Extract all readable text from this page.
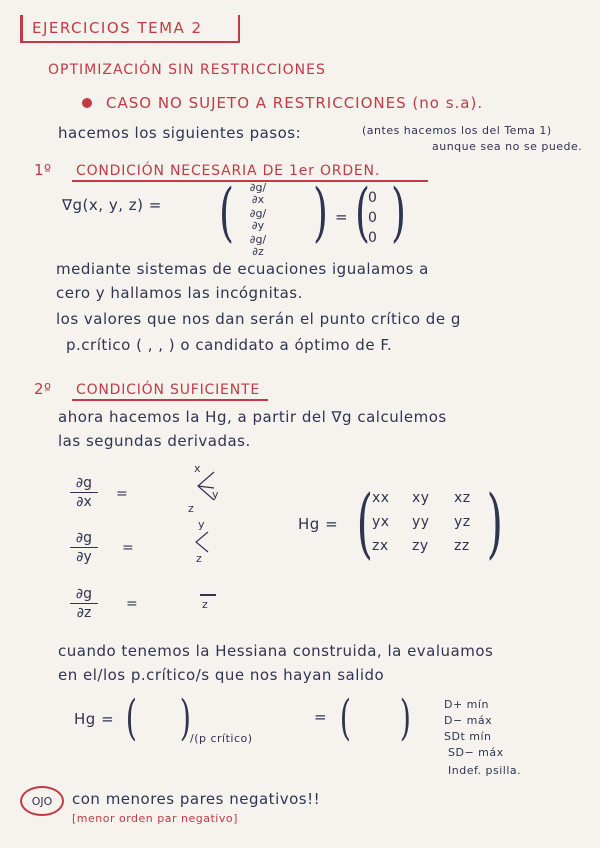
EJERCICIOS TEMA 2
OPTIMIZACIÓN SIN RESTRICCIONES
CASO NO SUJETO A RESTRICCIONES (no s.a).
hacemos los siguientes pasos:	(antes hacemos los del Tema 1)
aunque sea no se puede.
1º CONDICIÓN NECESARIA DE 1er ORDEN.
∇g(x, y, z) = (	∂g/∂x
∂g/∂y
∂g/∂z
) = (
0
0
0 )
mediante sistemas de ecuaciones igualamos a
cero y hallamos las incógnitas.
los valores que nos dan serán el punto crítico de g
p.crítico ( , , ) o candidato a óptimo de F.
2º CONDICIÓN SUFICIENTE
ahora hacemos la Hg, a partir del ∇g calculemos
las segundas derivadas.
∂g
∂x	=
x
y
z
∂g
∂y
=
y
z
∂g
∂z
=	z
Hg = ( xx xy xz
yx yy yz
zx zy zz )
cuando tenemos la Hessiana construida, la evaluamos
en el/los p.crítico/s que nos hayan salido
Hg = ( ) /(p crítico)
= ( )	D+ mín
D− máx
SDt mín
SD− máx
Indef. psilla.
OJO con menores pares negativos!!
[menor orden par negativo]
